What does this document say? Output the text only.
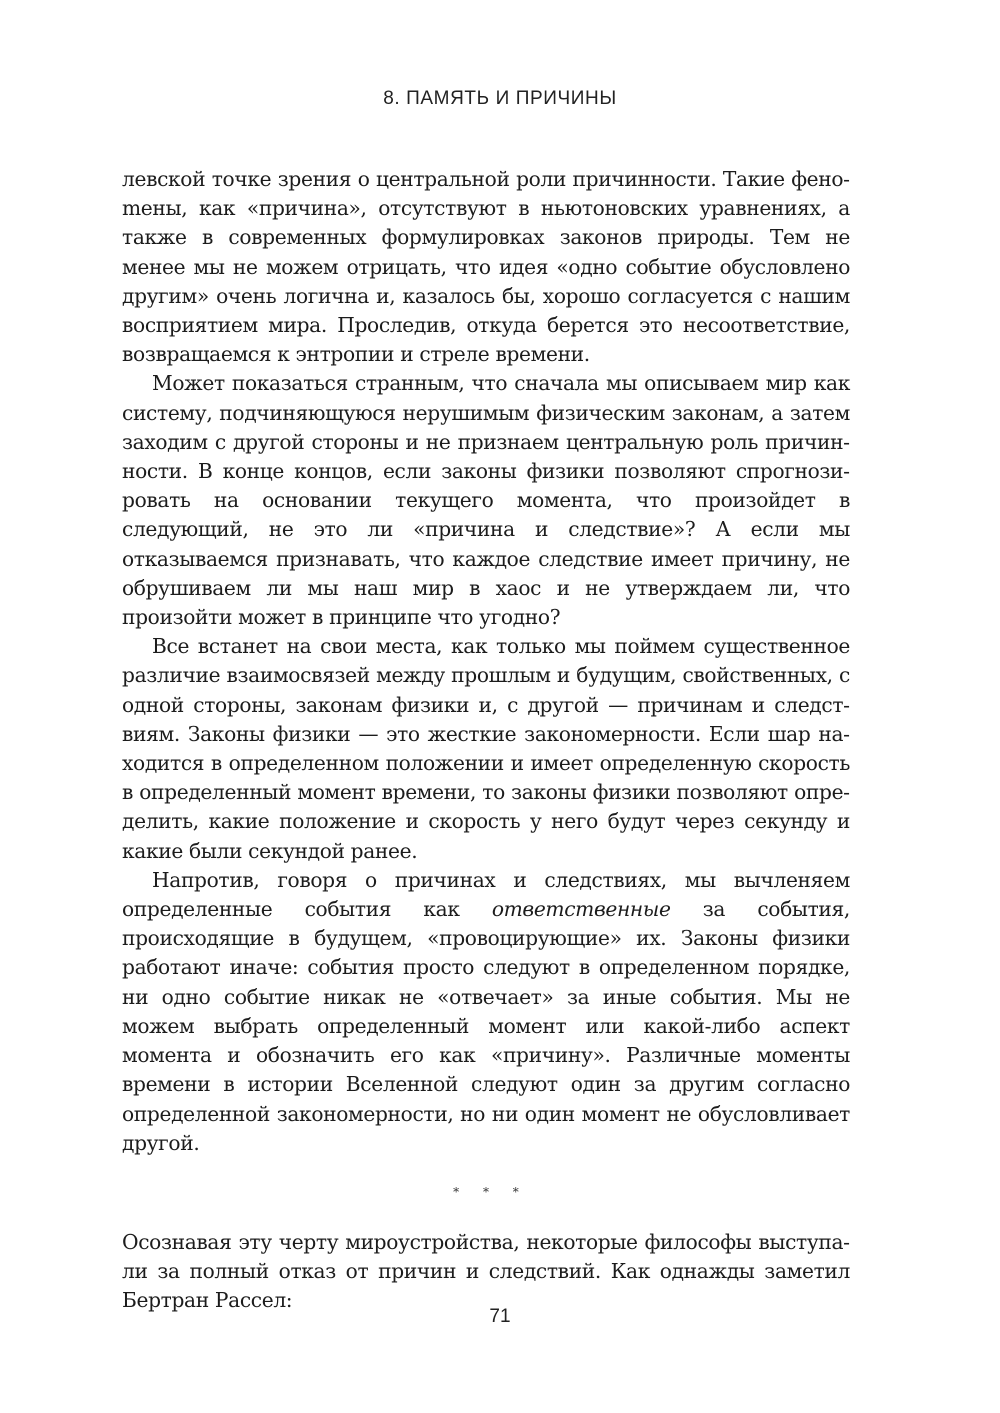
8. ПАМЯТЬ И ПРИЧИНЫ

левской точке зрения о центральной роли причинности. Такие феноmены, как «причина», отсутствуют в ньютоновских уравнениях, а также в современных формулировках законов природы. Тем не менее мы не можем отрицать, что идея «одно событие обусловлено другим» очень логична и, казалось бы, хорошо согласуется с нашим восприятием мира. Проследив, откуда берется это несоответствие, возвращаемся к энтропии и стреле времени.

Может показаться странным, что сначала мы описываем мир как систему, подчиняющуюся нерушимым физическим законам, а затем заходим с другой стороны и не признаем центральную роль причинности. В конце концов, если законы физики позволяют спрогнозировать на основании текущего момента, что произойдет в следующий, не это ли «причина и следствие»? А если мы отказываемся признавать, что каждое следствие имеет причину, не обрушиваем ли мы наш мир в хаос и не утверждаем ли, что произойти может в принципе что угодно?

Все встанет на свои места, как только мы поймем существенное различие взаимосвязей между прошлым и будущим, свойственных, с одной стороны, законам физики и, с другой — причинам и следствиям. Законы физики — это жесткие закономерности. Если шар находится в определенном положении и имеет определенную скорость в определенный момент времени, то законы физики позволяют определить, какие положение и скорость у него будут через секунду и какие были секундой ранее.

Напротив, говоря о причинах и следствиях, мы вычленяем определенные события как ответственные за события, происходящие в будущем, «провоцирующие» их. Законы физики работают иначе: события просто следуют в определенном порядке, ни одно событие никак не «отвечает» за иные события. Мы не можем выбрать определенный момент или какой-либо аспект момента и обозначить его как «причину». Различные моменты времени в истории Вселенной следуют один за другим согласно определенной закономерности, но ни один момент не обусловливает другой.

* * *

Осознавая эту черту мироустройства, некоторые философы выступали за полный отказ от причин и следствий. Как однажды заметил Бертран Рассел:

71
